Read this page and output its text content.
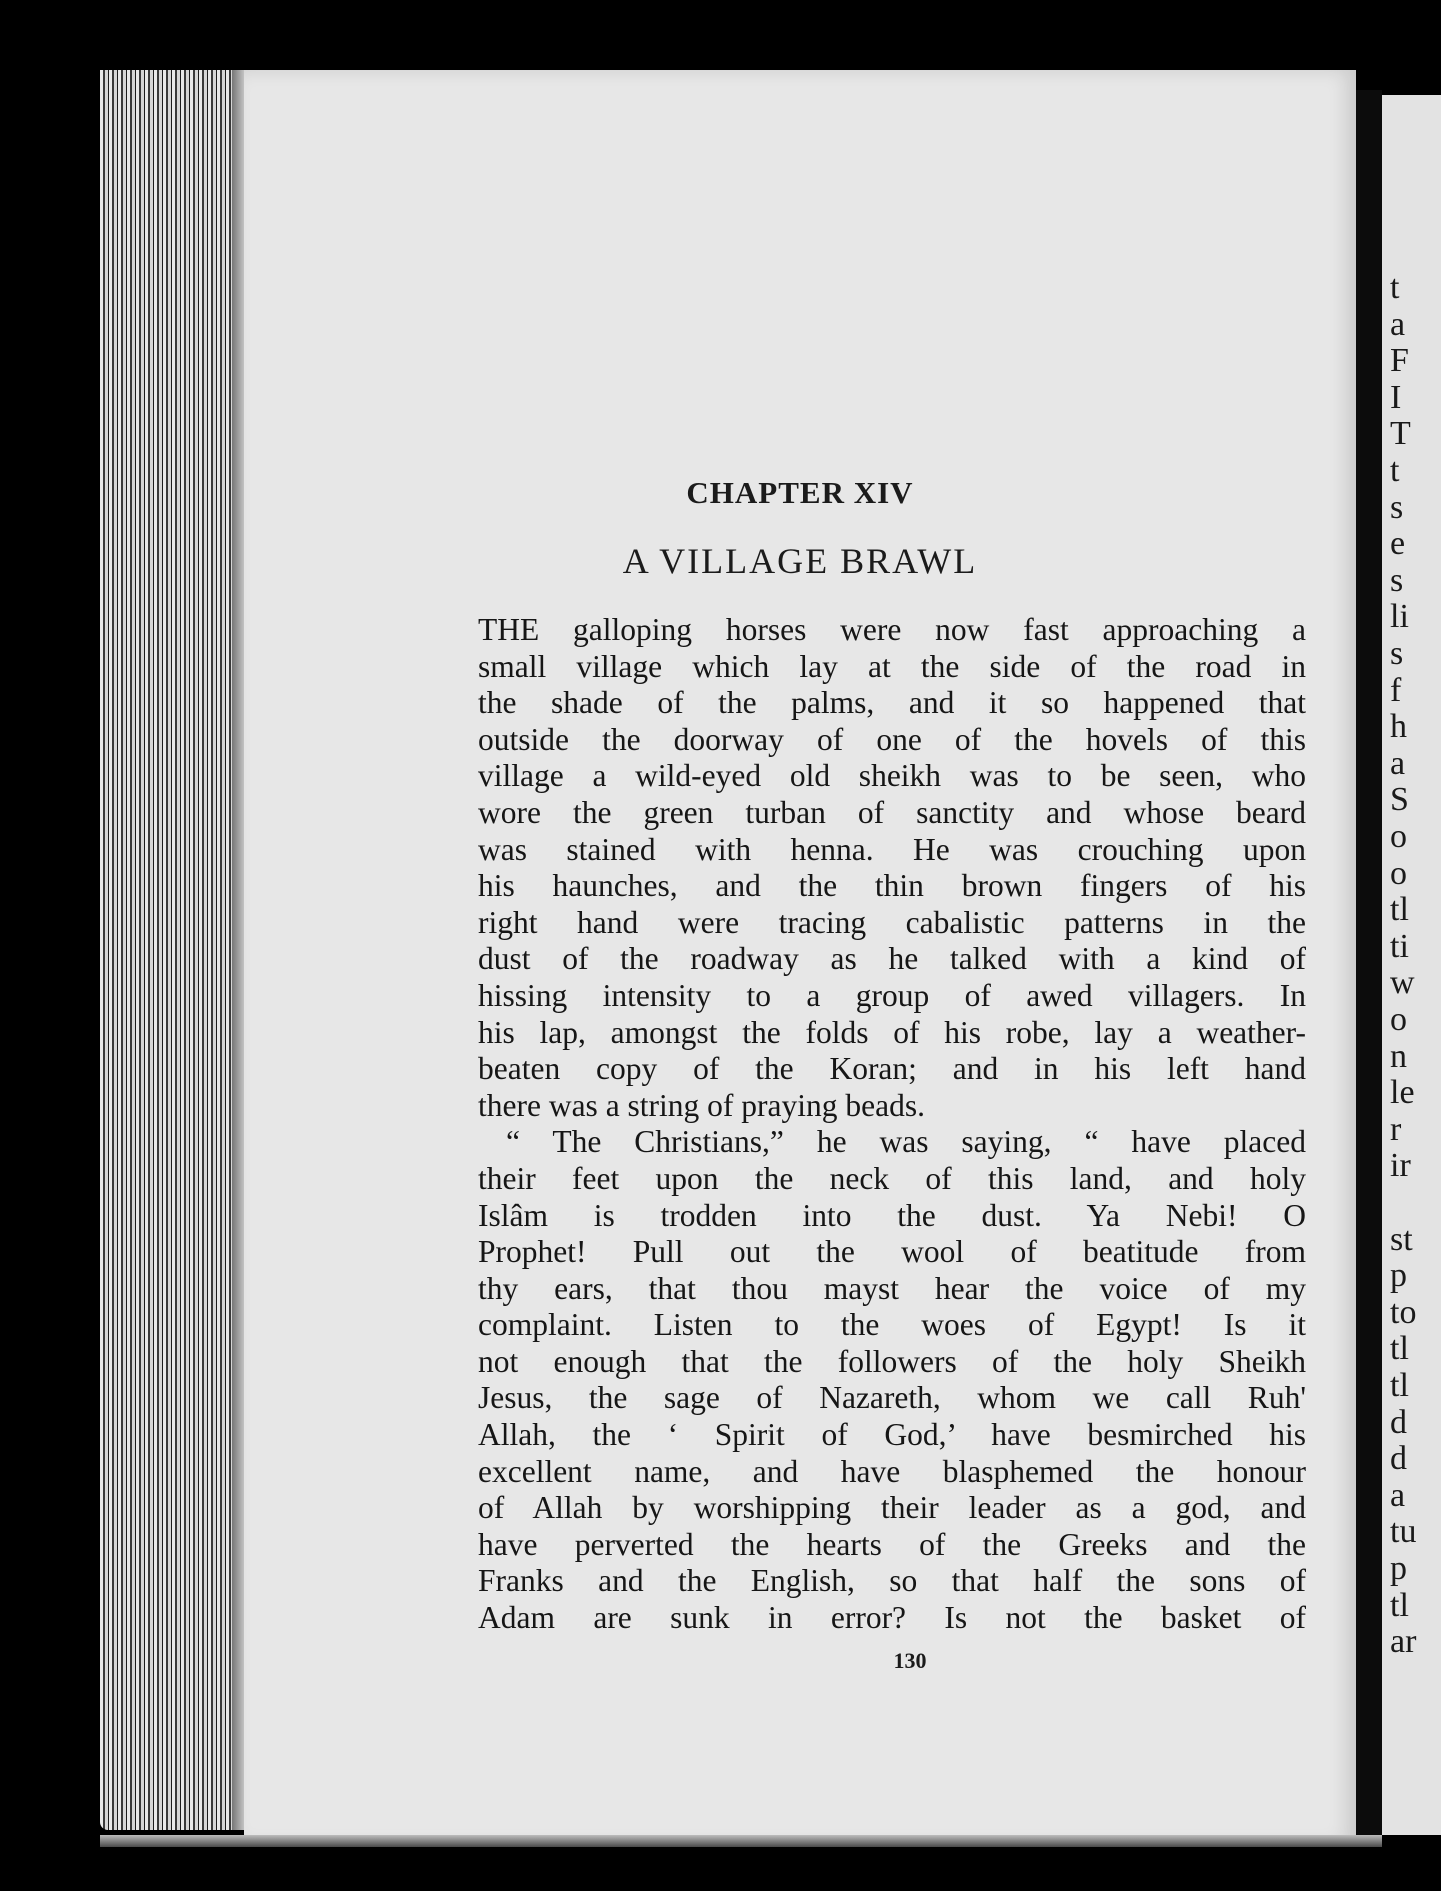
CHAPTER XIV
A VILLAGE BRAWL
THE galloping horses were now fast approaching a
small village which lay at the side of the road in
the shade of the palms, and it so happened that
outside the doorway of one of the hovels of this
village a wild-eyed old sheikh was to be seen, who
wore the green turban of sanctity and whose beard
was stained with henna. He was crouching upon
his haunches, and the thin brown fingers of his
right hand were tracing cabalistic patterns in the
dust of the roadway as he talked with a kind of
hissing intensity to a group of awed villagers. In
his lap, amongst the folds of his robe, lay a weather-
beaten copy of the Koran; and in his left hand
there was a string of praying beads.
“ The Christians,” he was saying, “ have placed
their feet upon the neck of this land, and holy
Islâm is trodden into the dust. Ya Nebi! O
Prophet! Pull out the wool of beatitude from
thy ears, that thou mayst hear the voice of my
complaint. Listen to the woes of Egypt! Is it
not enough that the followers of the holy Sheikh
Jesus, the sage of Nazareth, whom we call Ruh'
Allah, the ‘ Spirit of God,’ have besmirched his
excellent name, and have blasphemed the honour
of Allah by worshipping their leader as a god, and
have perverted the hearts of the Greeks and the
Franks and the English, so that half the sons of
Adam are sunk in error? Is not the basket of
130
t
a
F
I
T
t
s
e
s
li
s
f
h
a
S
o
o
tl
ti
w
o
n
le
r
ir
st
p
to
tl
tl
d
d
a
tu
p
tl
ar
